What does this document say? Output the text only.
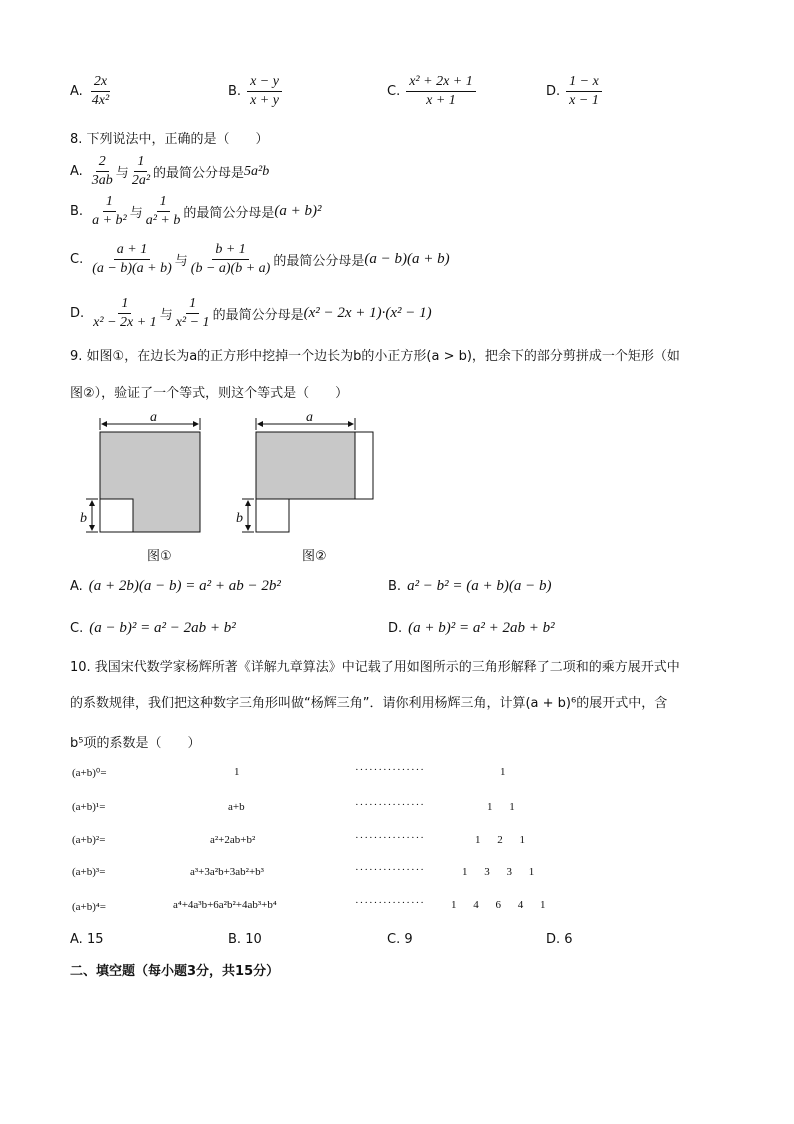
A. $\frac{2x}{\text{4x²}}$	B. $\frac{x - y}{x + y}$	C. $\frac{\text{x² + 2x + 1}}{x + 1}$	D. $\frac{1 - x}{x - 1}$
8. 下列说法中，正确的是（　　）
A. $\frac{2}{3ab}$ 与 $\frac{1}{\text{2a²}}$ 的最简公分母是 5a²b
B. $\frac{1}{\text{a + b²}}$ 与 $\frac{1}{\text{a² + b}}$ 的最简公分母是 (a + b)²
C. $\frac{a + 1}{(a - b)(a + b)}$ 与 $\frac{b + 1}{(b - a)(b + a)}$ 的最简公分母是 (a − b)(a + b)
D. $\frac{1}{\text{x² − 2x + 1}}$ 与 $\frac{1}{\text{x² − 1}}$ 的最简公分母是 (x² − 2x + 1)·(x² − 1)
9. 如图①，在边长为a的正方形中挖掉一个边长为b的小正方形(a > b)，把余下的部分剪拼成一个矩形（如
图②），验证了一个等式，则这个等式是（　　）
a
b
a
b
图①	图②
A. (a + 2b)(a − b) = a² + ab − 2b²	B. a² − b² = (a + b)(a − b)
C. (a − b)² = a² − 2ab + b²	D. (a + b)² = a² + 2ab + b²
10. 我国宋代数学家杨辉所著《详解九章算法》中记载了用如图所示的三角形解释了二项和的乘方展开式中
的系数规律，我们把这种数字三角形叫做“杨辉三角”．请你利用杨辉三角，计算(a + b)⁶的展开式中，含
b⁵项的系数是（　　）
(a+b)⁰=	1	···············	1
(a+b)¹=	a+b	···············	1 1
(a+b)²=	a²+2ab+b²	···············	1 2 1
(a+b)³=	a³+3a²b+3ab²+b³	···············	1 3 3 1
(a+b)⁴=	a⁴+4a³b+6a²b²+4ab³+b⁴	··············· 1 4 6 4 1
A.
15	B.
10	C.
9	D.
6
二、填空题（每小题3分，共15分）
